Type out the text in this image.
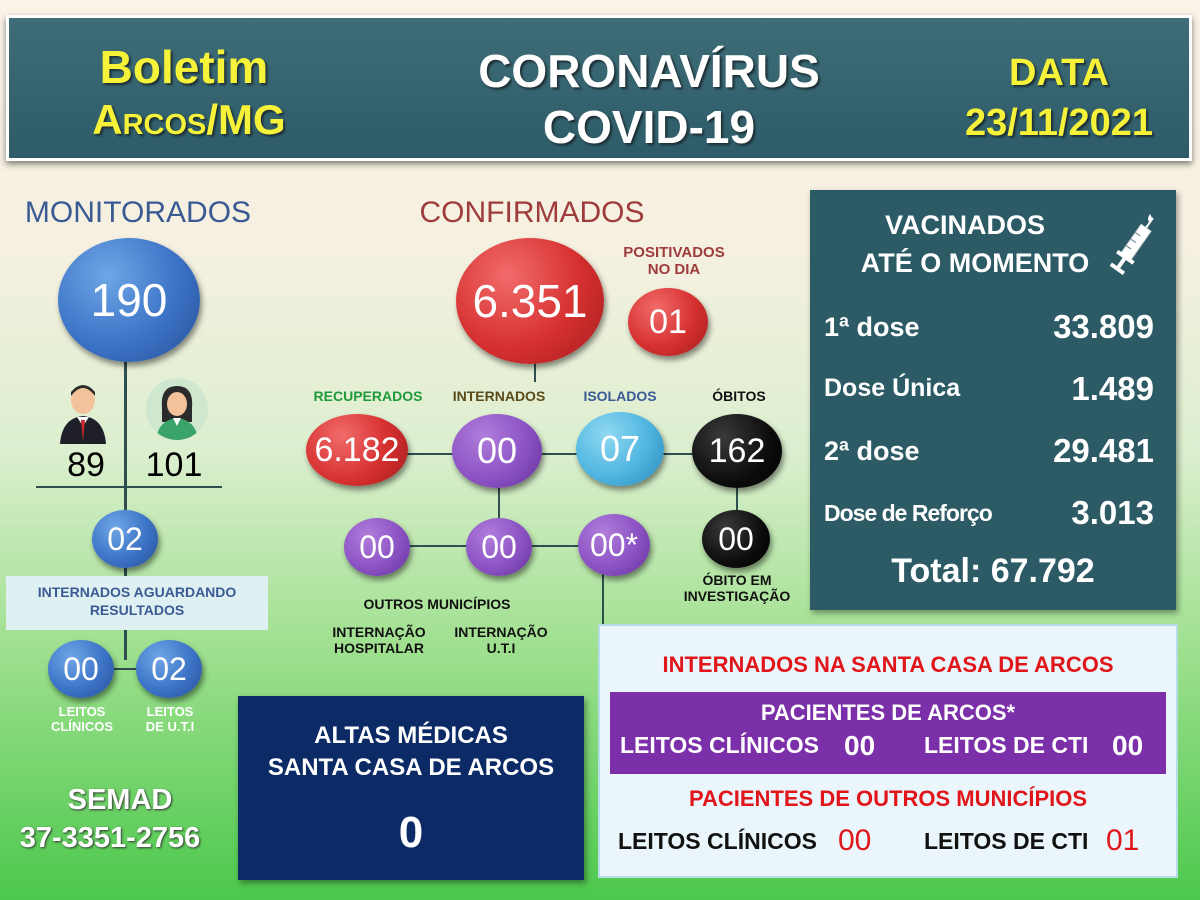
Boletim
Arcos/MG
CORONAVÍRUS
COVID-19
DATA
23/11/2021
MONITORADOS
190
89	101
02
INTERNADOS AGUARDANDO
RESULTADOS
00	02
LEITOS
CLÍNICOS
LEITOS
DE U.T.I
SEMAD
37-3351-2756
CONFIRMADOS
6.351
POSITIVADOS
NO DIA
01
RECUPERADOS	INTERNADOS	ISOLADOS	ÓBITOS
6.182	00	07	162
00	00	00*	00
ÓBITO EM
INVESTIGAÇÃO
OUTROS MUNICÍPIOS
INTERNAÇÃO
HOSPITALAR
INTERNAÇÃO
U.T.I
VACINADOS
ATÉ O MOMENTO
1ª dose	33.809
Dose Única	1.489
2ª dose	29.481
Dose de Reforço 3.013
Total: 67.792
ALTAS MÉDICAS
SANTA CASA DE ARCOS
0
INTERNADOS NA SANTA CASA DE ARCOS
PACIENTES DE ARCOS*
LEITOS CLÍNICOS 00 LEITOS DE CTI 00
PACIENTES DE OUTROS MUNICÍPIOS
LEITOS CLÍNICOS 00 LEITOS DE CTI 01
